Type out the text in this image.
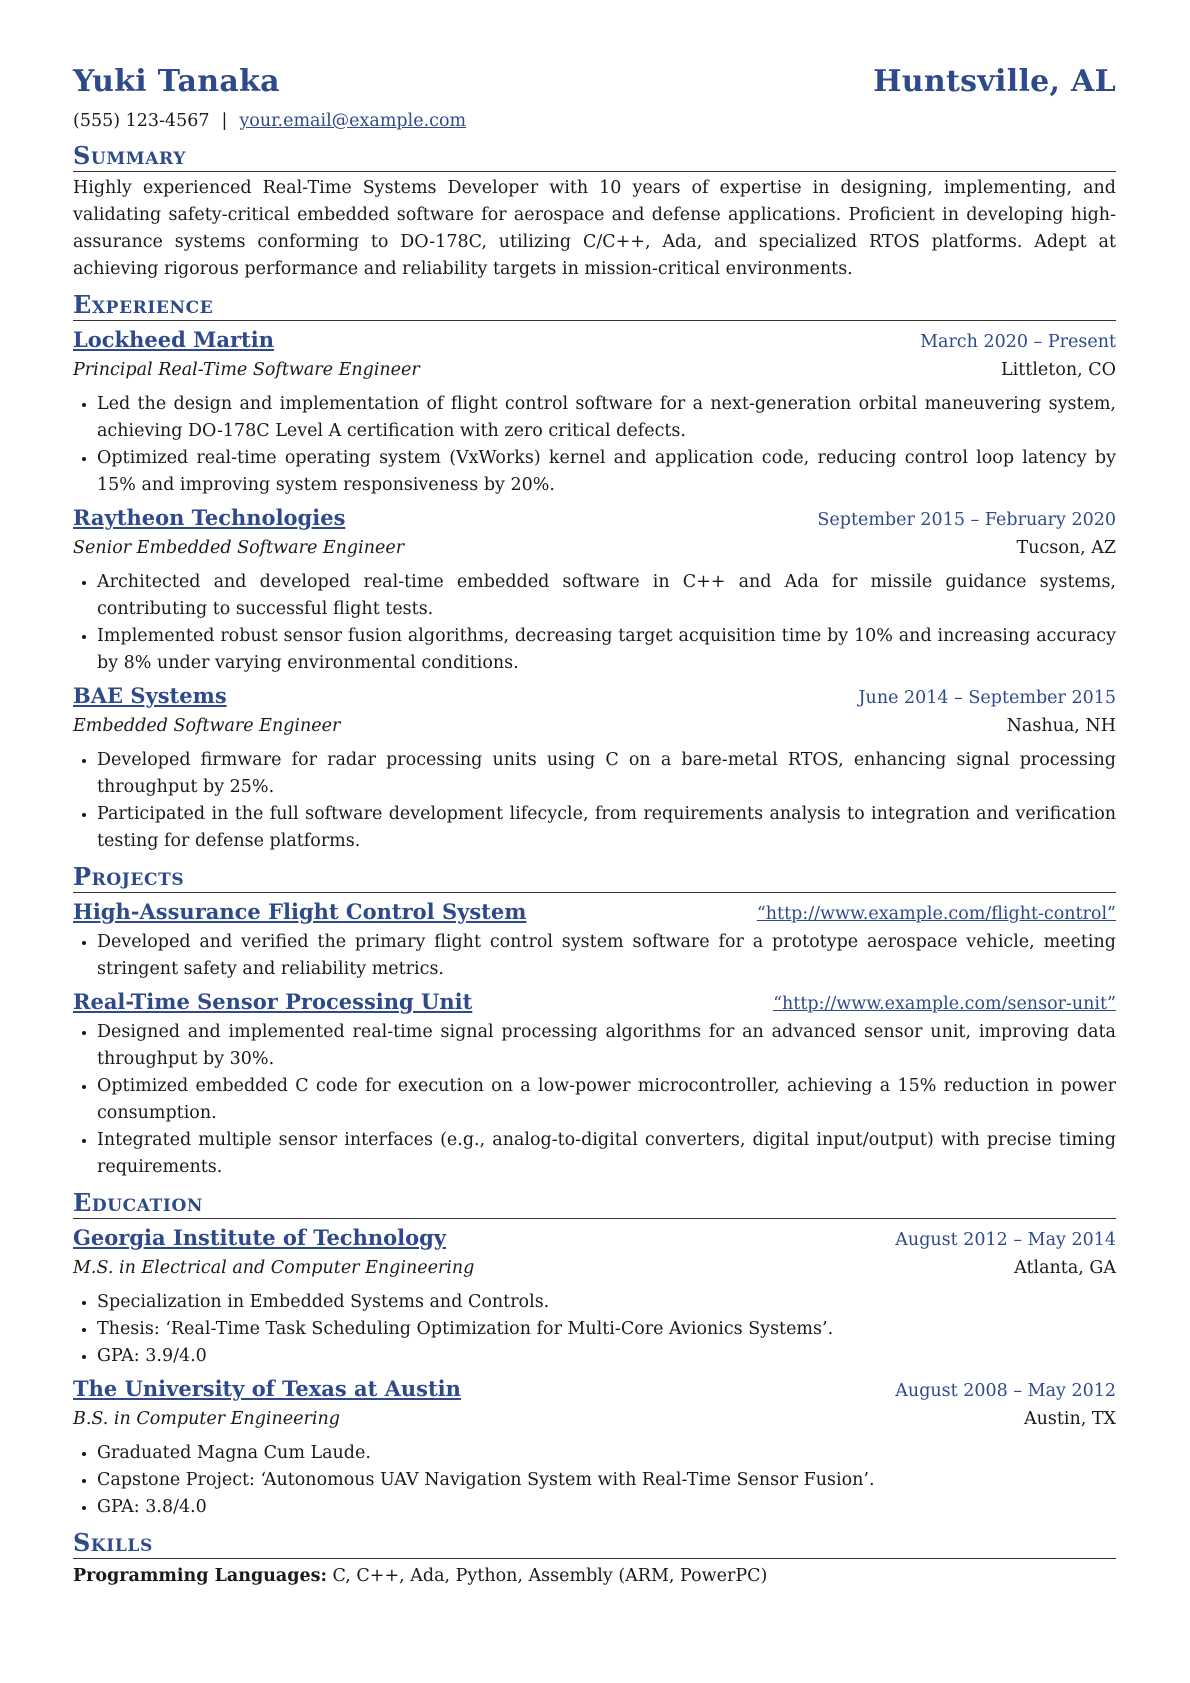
Yuki Tanaka	Huntsville, AL
(555) 123-4567 | your.email@example.com
Summary
Highly experienced Real-Time Systems Developer with 10 years of expertise in designing, implementing, and validating safety-critical embedded software for aerospace and defense applications. Proficient in developing high-assurance systems conforming to DO-178C, utilizing C/C++, Ada, and specialized RTOS platforms. Adept at achieving rigorous performance and reliability targets in mission-critical environments.
Experience
Lockheed Martin	March 2020 – Present
Principal Real-Time Software Engineer	Littleton, CO
• Led the design and implementation of flight control software for a next-generation orbital maneuvering system, achieving DO-178C Level A certification with zero critical defects.
• Optimized real-time operating system (VxWorks) kernel and application code, reducing control loop latency by 15% and improving system responsiveness by 20%.
Raytheon Technologies	September 2015 – February 2020
Senior Embedded Software Engineer	Tucson, AZ
• Architected and developed real-time embedded software in C++ and Ada for missile guidance systems, contributing to successful flight tests.
• Implemented robust sensor fusion algorithms, decreasing target acquisition time by 10% and increasing accuracy by 8% under varying environmental conditions.
BAE Systems	June 2014 – September 2015
Embedded Software Engineer	Nashua, NH
• Developed firmware for radar processing units using C on a bare-metal RTOS, enhancing signal processing throughput by 25%.
• Participated in the full software development lifecycle, from requirements analysis to integration and verification testing for defense platforms.
Projects
High-Assurance Flight Control System	“http://www.example.com/flight-control”
• Developed and verified the primary flight control system software for a prototype aerospace vehicle, meeting stringent safety and reliability metrics.
Real-Time Sensor Processing Unit	“http://www.example.com/sensor-unit”
• Designed and implemented real-time signal processing algorithms for an advanced sensor unit, improving data throughput by 30%.
• Optimized embedded C code for execution on a low-power microcontroller, achieving a 15% reduction in power consumption.
• Integrated multiple sensor interfaces (e.g., analog-to-digital converters, digital input/output) with precise timing requirements.
Education
Georgia Institute of Technology	August 2012 – May 2014
M.S. in Electrical and Computer Engineering	Atlanta, GA
• Specialization in Embedded Systems and Controls.
• Thesis: ‘Real-Time Task Scheduling Optimization for Multi-Core Avionics Systems’.
• GPA: 3.9/4.0
The University of Texas at Austin	August 2008 – May 2012
B.S. in Computer Engineering	Austin, TX
• Graduated Magna Cum Laude.
• Capstone Project: ‘Autonomous UAV Navigation System with Real-Time Sensor Fusion’.
• GPA: 3.8/4.0
Skills
Programming Languages: C, C++, Ada, Python, Assembly (ARM, PowerPC)
